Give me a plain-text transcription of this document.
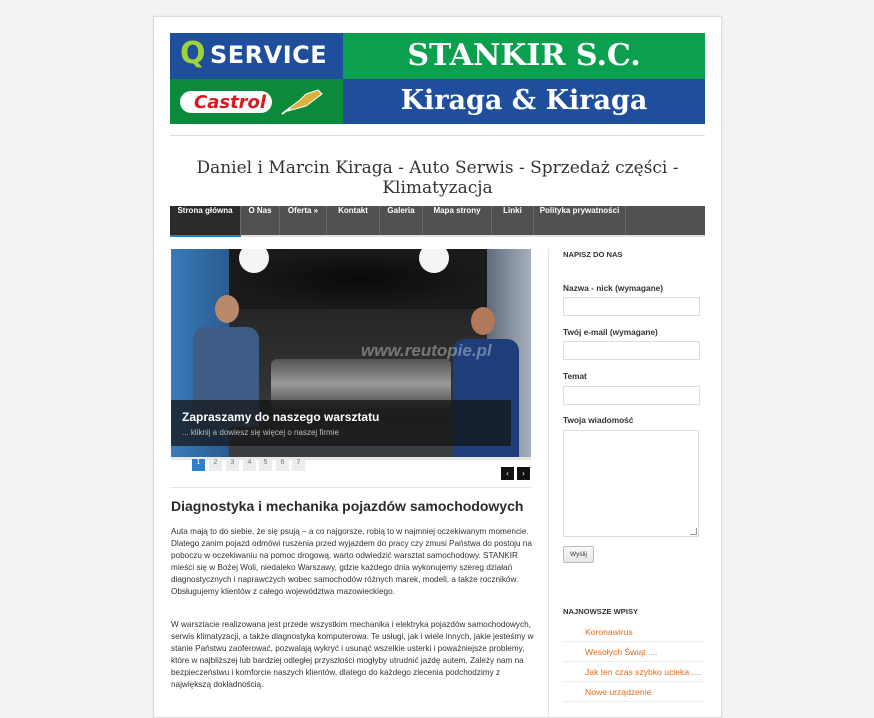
Q SERVICE
Castrol
STANKIR S.C.
Kiraga & Kiraga
Daniel i Marcin Kiraga - Auto Serwis - Sprzedaż części - Klimatyzacja
Strona główna	O Nas	Oferta »	Kontakt	Galeria	Mapa strony	Linki	Polityka prywatności
www.reutopie.pl
Zapraszamy do naszego warsztatu
... kliknij a dowiesz się więcej o naszej firmie
1	2	3	4	5	6	7
‹	›
Diagnostyka i mechanika pojazdów samochodowych
Auta mają to do siebie, że się psują – a co najgorsze, robią to w najmniej oczekiwanym momencie. Dlatego zanim pojazd odmówi ruszenia przed wyjazdem do pracy czy zmusi Państwa do postoju na poboczu w oczekiwaniu na pomoc drogową, warto odwiedzić warsztat samochodowy. STANKIR mieści się w Bożej Woli, niedaleko Warszawy, gdzie każdego dnia wykonujemy szereg działań diagnostycznych i naprawczych wobec samochodów różnych marek, modeli, a także roczników. Obsługujemy klientów z całego województwa mazowieckiego.
W warsztacie realizowana jest przede wszystkim mechanika i elektryka pojazdów samochodowych, serwis klimatyzacji, a także diagnostyka komputerowa. Te usługi, jak i wiele innych, jakie jesteśmy w stanie Państwu zaoferować, pozwalają wykryć i usunąć wszelkie usterki i poważniejsze problemy, które w najbliższej lub bardziej odległej przyszłości mogłyby utrudnić jazdę autem. Zależy nam na bezpieczeństwu i komforcie naszych klientów, dlatego do każdego zlecenia podchodzimy z największą dokładnością.
NAPISZ DO NAS
Nazwa - nick (wymagane)
Twój e-mail (wymagane)
Temat
Twoja wiadomość
Wyślij
NAJNOWSZE WPISY
Koronawirus
Wesołych Świąt ....
Jak ten czas szybko ucieka ....
Nowe urządzenie
